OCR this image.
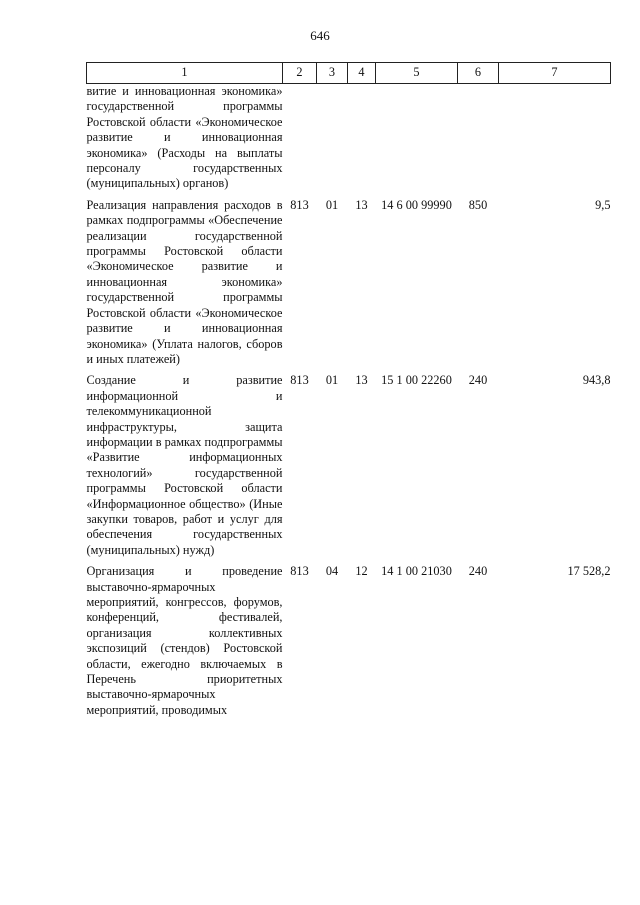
646
1	2	3	4	5	6	7

витие и инновационная экономика» государственной программы Ростовской области «Экономическое развитие и инновационная экономика» (Расходы на выплаты персоналу государственных (муниципальных) органов)						

Реализация направления расходов в рамках подпрограммы «Обеспечение реализации государственной программы Ростовской области «Экономическое развитие и инновационная экономика» государственной программы Ростовской области «Экономическое развитие и инновационная экономика» (Уплата налогов, сборов и иных платежей)	813	01	13	14 6 00 99990	850	9,5

Создание и развитие информационной и телекоммуникационной инфраструктуры, защита информации в рамках подпрограммы «Развитие информационных технологий» государственной программы Ростовской области «Информационное общество» (Иные закупки товаров, работ и услуг для обеспечения государственных (муниципальных) нужд)	813	01	13	15 1 00 22260	240	943,8

Организация и проведение выставочно-ярмарочных мероприятий, конгрессов, форумов, конференций, фестивалей, организация коллективных экспозиций (стендов) Ростовской области, ежегодно включаемых в Перечень приоритетных выставочно-ярмарочных мероприятий, проводимых	813	04	12	14 1 00 21030	240	17 528,2
